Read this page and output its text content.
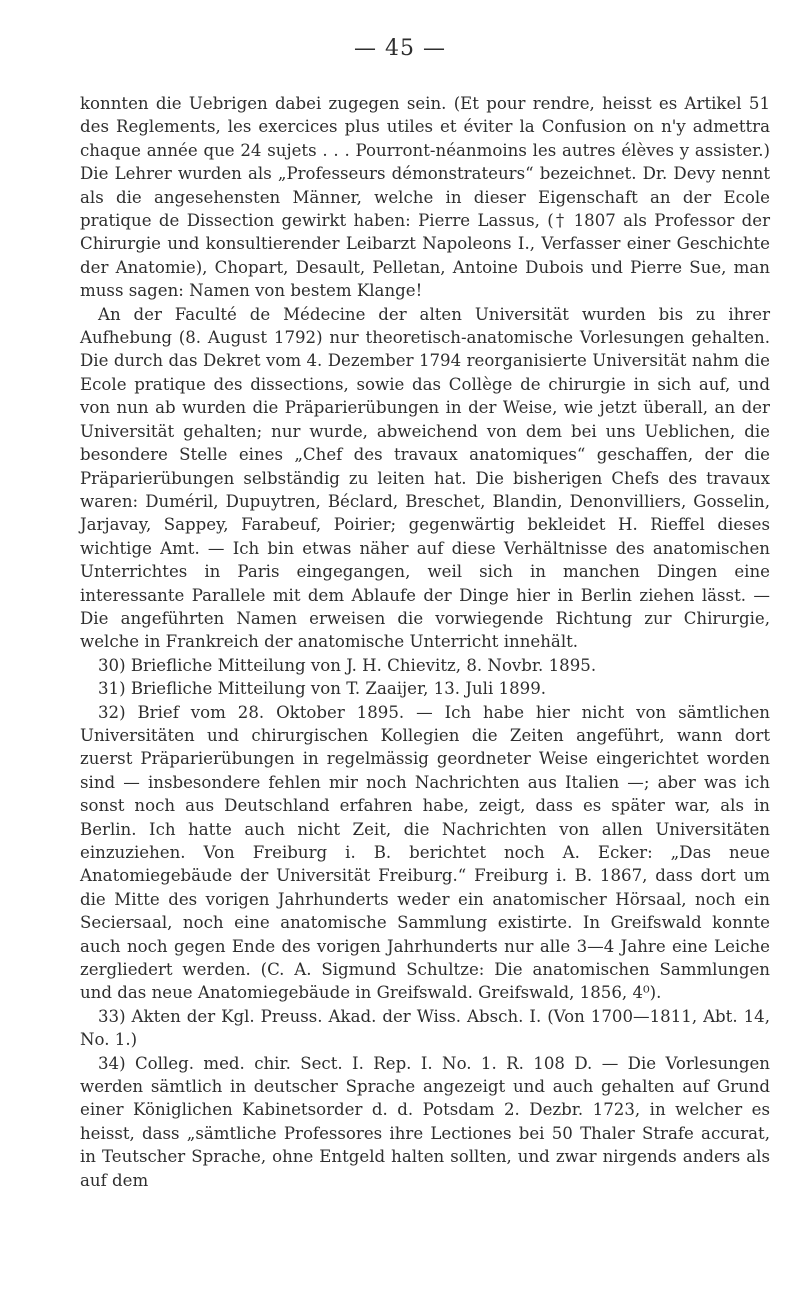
— 45 —

konnten die Uebrigen dabei zugegen sein. (Et pour rendre, heisst es Artikel 51 des Reglements, les exercices plus utiles et éviter la Confusion on n'y admettra chaque année que 24 sujets . . . Pourront-néanmoins les autres élèves y assister.) Die Lehrer wurden als „Professeurs démonstrateurs“ bezeichnet. Dr. Devy nennt als die angesehensten Männer, welche in dieser Eigenschaft an der Ecole pratique de Dissection gewirkt haben: Pierre Lassus, († 1807 als Professor der Chirurgie und konsultierender Leibarzt Napoleons I., Verfasser einer Geschichte der Anatomie), Chopart, Desault, Pelletan, Antoine Dubois und Pierre Sue, man muss sagen: Namen von bestem Klange!

An der Faculté de Médecine der alten Universität wurden bis zu ihrer Aufhebung (8. August 1792) nur theoretisch-anatomische Vorlesungen gehalten. Die durch das Dekret vom 4. Dezember 1794 reorganisierte Universität nahm die Ecole pratique des dissections, sowie das Collège de chirurgie in sich auf, und von nun ab wurden die Präparierübungen in der Weise, wie jetzt überall, an der Universität gehalten; nur wurde, abweichend von dem bei uns Ueblichen, die besondere Stelle eines „Chef des travaux anatomiques“ geschaffen, der die Präparierübungen selbständig zu leiten hat. Die bisherigen Chefs des travaux waren: Duméril, Dupuytren, Béclard, Breschet, Blandin, Denonvilliers, Gosselin, Jarjavay, Sappey, Farabeuf, Poirier; gegenwärtig bekleidet H. Rieffel dieses wichtige Amt. — Ich bin etwas näher auf diese Verhältnisse des anatomischen Unterrichtes in Paris eingegangen, weil sich in manchen Dingen eine interessante Parallele mit dem Ablaufe der Dinge hier in Berlin ziehen lässt. — Die angeführten Namen erweisen die vorwiegende Richtung zur Chirurgie, welche in Frankreich der anatomische Unterricht innehält.

30) Briefliche Mitteilung von J. H. Chievitz, 8. Novbr. 1895.

31) Briefliche Mitteilung von T. Zaaijer, 13. Juli 1899.

32) Brief vom 28. Oktober 1895. — Ich habe hier nicht von sämtlichen Universitäten und chirurgischen Kollegien die Zeiten angeführt, wann dort zuerst Präparierübungen in regelmässig geordneter Weise eingerichtet worden sind — insbesondere fehlen mir noch Nachrichten aus Italien —; aber was ich sonst noch aus Deutschland erfahren habe, zeigt, dass es später war, als in Berlin. Ich hatte auch nicht Zeit, die Nachrichten von allen Universitäten einzuziehen. Von Freiburg i. B. berichtet noch A. Ecker: „Das neue Anatomiegebäude der Universität Freiburg.“ Freiburg i. B. 1867, dass dort um die Mitte des vorigen Jahrhunderts weder ein anatomischer Hörsaal, noch ein Seciersaal, noch eine anatomische Sammlung existirte. In Greifswald konnte auch noch gegen Ende des vorigen Jahrhunderts nur alle 3—4 Jahre eine Leiche zergliedert werden. (C. A. Sigmund Schultze: Die anatomischen Sammlungen und das neue Anatomiegebäude in Greifswald. Greifswald, 1856, 4⁰).

33) Akten der Kgl. Preuss. Akad. der Wiss. Absch. I. (Von 1700—1811, Abt. 14, No. 1.)

34) Colleg. med. chir. Sect. I. Rep. I. No. 1. R. 108 D. — Die Vorlesungen werden sämtlich in deutscher Sprache angezeigt und auch gehalten auf Grund einer Königlichen Kabinetsorder d. d. Potsdam 2. Dezbr. 1723, in welcher es heisst, dass „sämtliche Professores ihre Lectiones bei 50 Thaler Strafe accurat, in Teutscher Sprache, ohne Entgeld halten sollten, und zwar nirgends anders als auf dem
